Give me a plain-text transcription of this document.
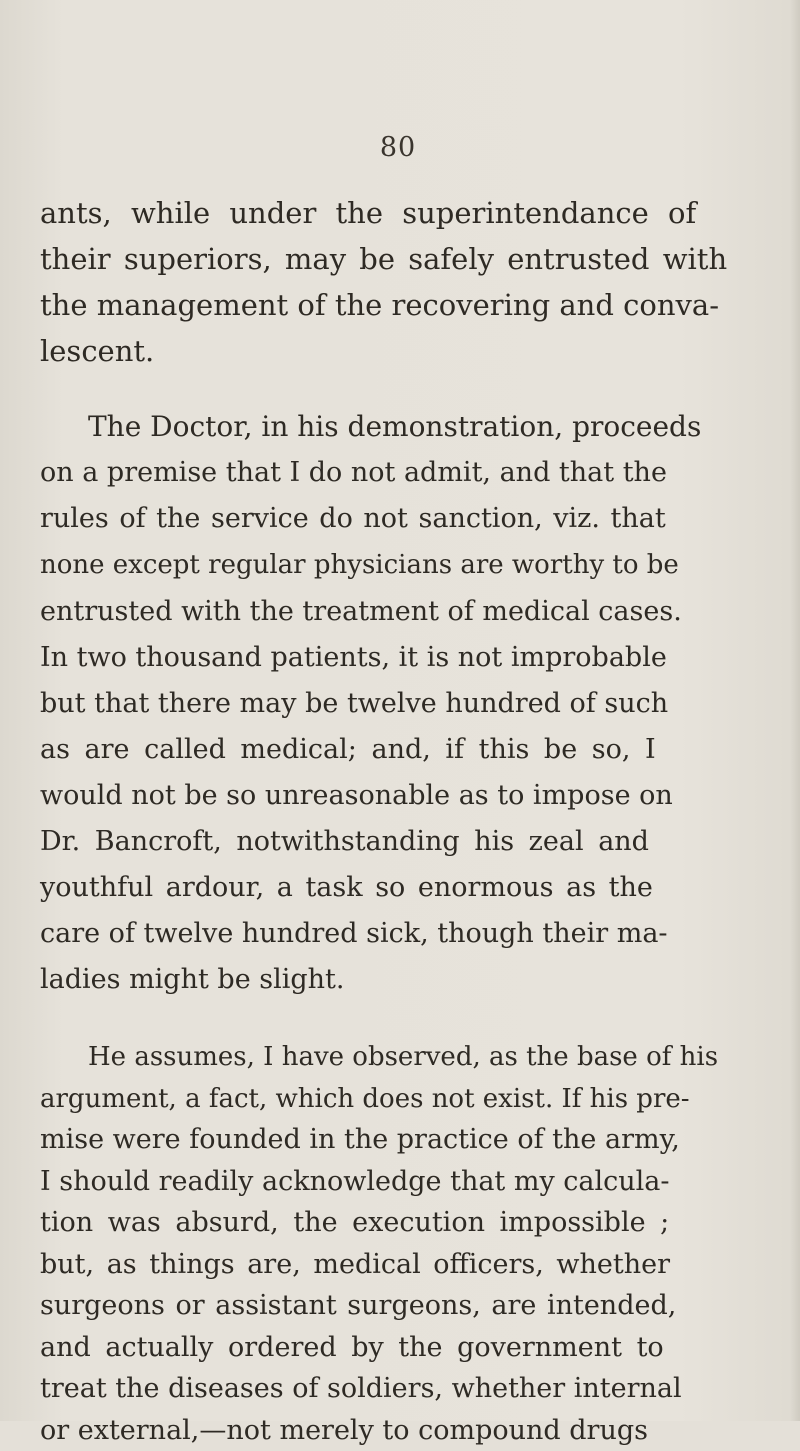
80
ants, while under the superintendance of
their superiors, may be safely entrusted with
the management of the recovering and conva-
lescent.
The Doctor, in his demonstration, proceeds
on a premise that I do not admit, and that the
rules of the service do not sanction, viz. that
none except regular physicians are worthy to be
entrusted with the treatment of medical cases.
In two thousand patients, it is not improbable
but that there may be twelve hundred of such
as are called medical; and, if this be so, I
would not be so unreasonable as to impose on
Dr. Bancroft, notwithstanding his zeal and
youthful ardour, a task so enormous as the
care of twelve hundred sick, though their ma-
ladies might be slight.
He assumes, I have observed, as the base of his
argument, a fact, which does not exist. If his pre-
mise were founded in the practice of the army,
I should readily acknowledge that my calcula-
tion was absurd, the execution impossible ;
but, as things are, medical officers, whether
surgeons or assistant surgeons, are intended,
and actually ordered by the government to
treat the diseases of soldiers, whether internal
or external,—not merely to compound drugs
